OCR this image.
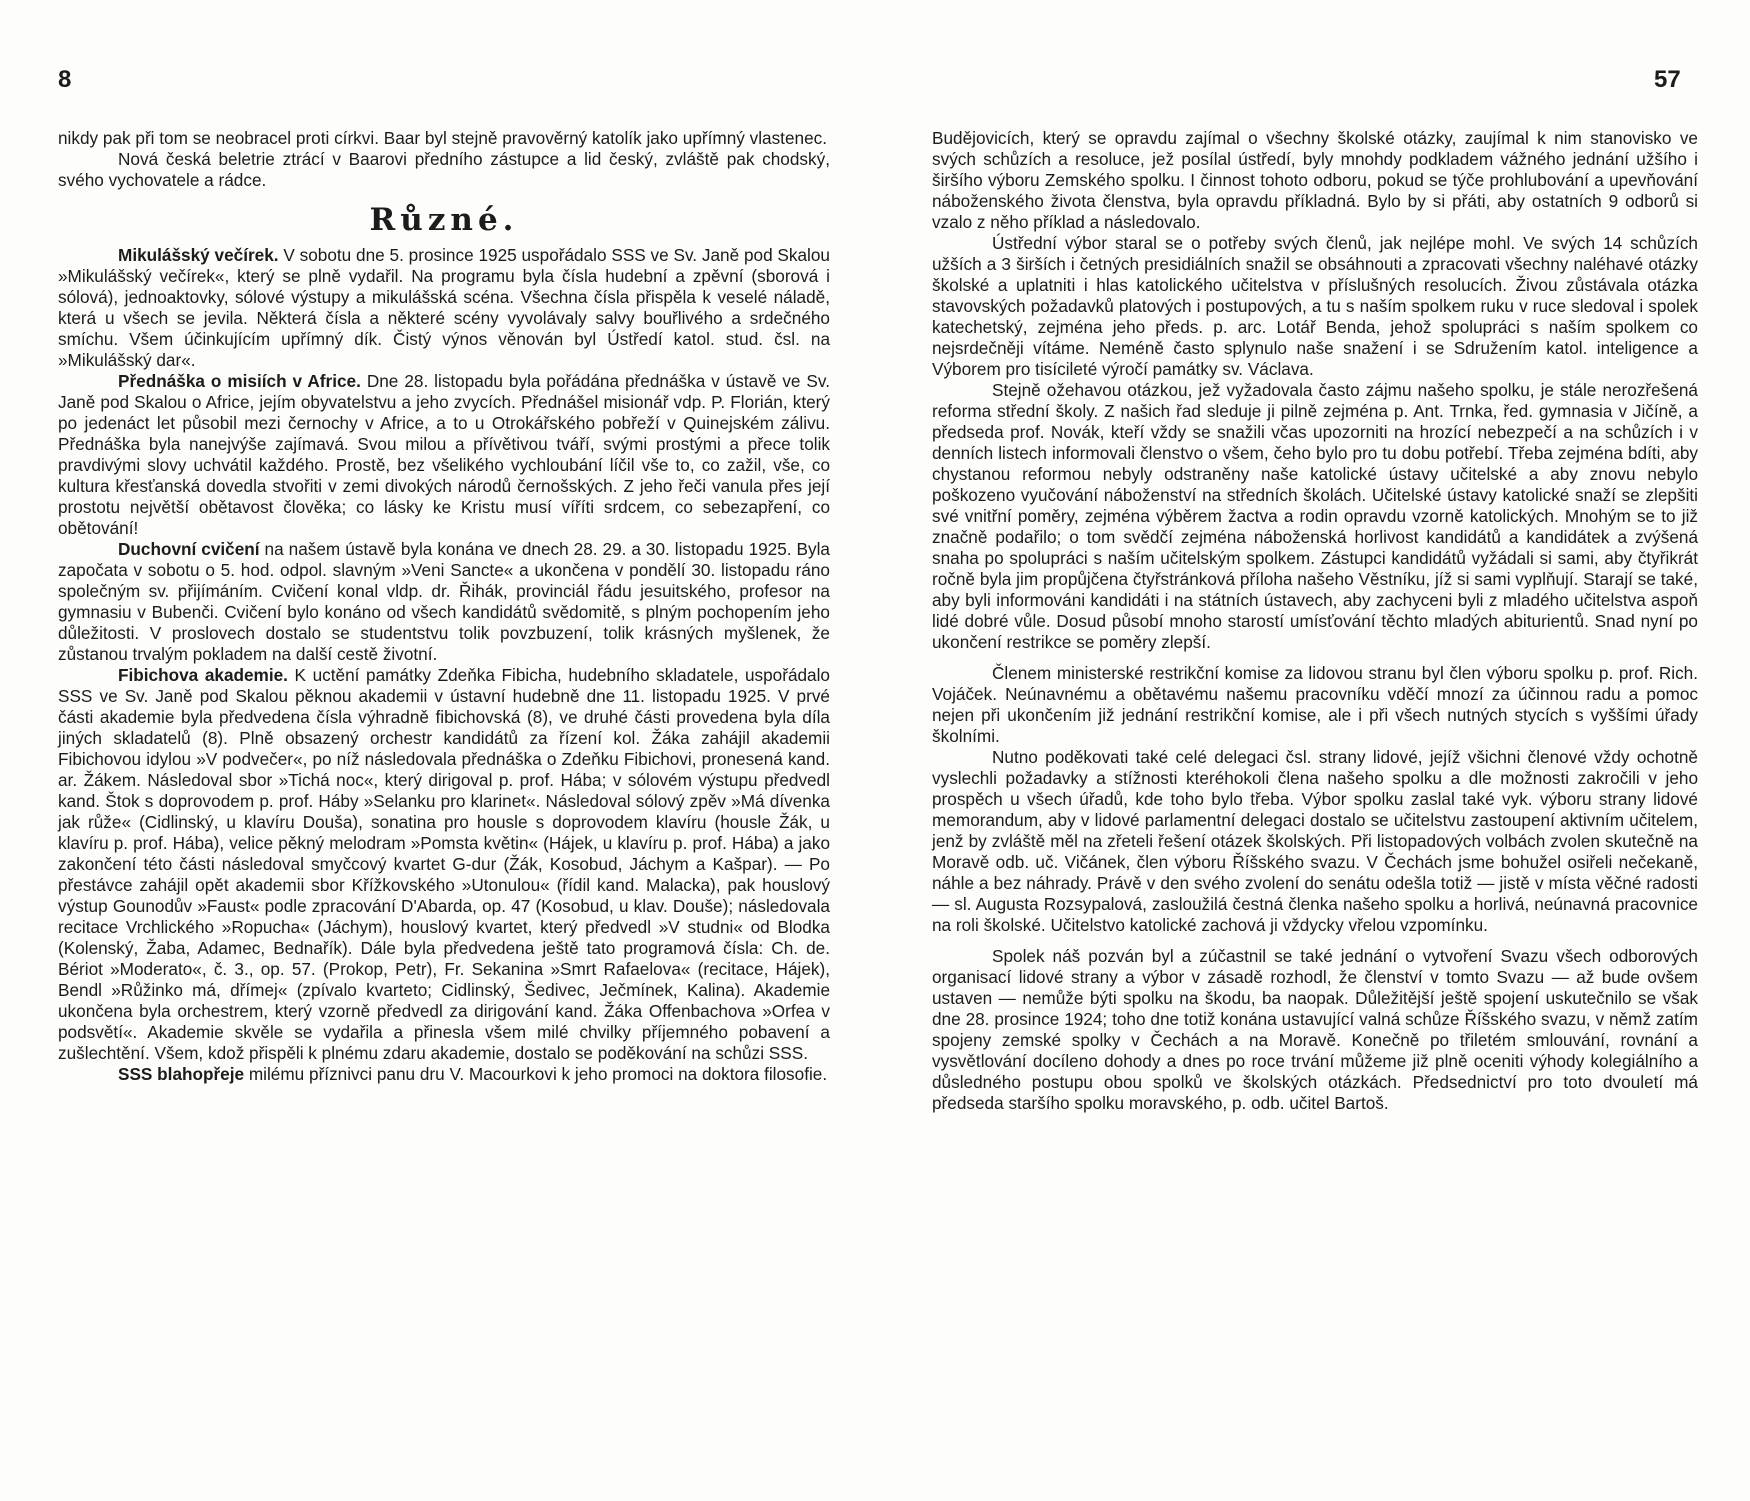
8	57

nikdy pak při tom se neobracel proti církvi. Baar byl stejně pravověrný katolík jako upřímný vlastenec.

Nová česká beletrie ztrácí v Baarovi předního zástupce a lid český, zvláště pak chodský, svého vychovatele a rádce.

Různé.

Mikulášský večírek. V sobotu dne 5. prosince 1925 uspořádalo SSS ve Sv. Janě pod Skalou »Mikulášský večírek«, který se plně vydařil. Na programu byla čísla hudební a zpěvní (sborová i sólová), jednoaktovky, sólové výstupy a mikulášská scéna. Všechna čísla přispěla k veselé náladě, která u všech se jevila. Některá čísla a některé scény vyvolávaly salvy bouřlivého a srdečného smíchu. Všem účinkujícím upřímný dík. Čistý výnos věnován byl Ústředí katol. stud. čsl. na »Mikulášský dar«.

Přednáška o misiích v Africe. Dne 28. listopadu byla pořádána přednáška v ústavě ve Sv. Janě pod Skalou o Africe, jejím obyvatelstvu a jeho zvycích. Přednášel misionář vdp. P. Florián, který po jedenáct let působil mezi černochy v Africe, a to u Otrokářského pobřeží v Quinejském zálivu. Přednáška byla nanejvýše zajímavá. Svou milou a přívětivou tváří, svými prostými a přece tolik pravdivými slovy uchvátil každého. Prostě, bez všelikého vychloubání líčil vše to, co zažil, vše, co kultura křesťanská dovedla stvořiti v zemi divokých národů černošských. Z jeho řeči vanula přes její prostotu největší obětavost člověka; co lásky ke Kristu musí víříti srdcem, co sebezapření, co obětování!

Duchovní cvičení na našem ústavě byla konána ve dnech 28. 29. a 30. listopadu 1925. Byla započata v sobotu o 5. hod. odpol. slavným »Veni Sancte« a ukončena v pondělí 30. listopadu ráno společným sv. přijímáním. Cvičení konal vldp. dr. Řihák, provinciál řádu jesuitského, profesor na gymnasiu v Bubenči. Cvičení bylo konáno od všech kandidátů svědomitě, s plným pochopením jeho důležitosti. V proslovech dostalo se studentstvu tolik povzbuzení, tolik krásných myšlenek, že zůstanou trvalým pokladem na další cestě životní.

Fibichova akademie. K uctění památky Zdeňka Fibicha, hudebního skladatele, uspořádalo SSS ve Sv. Janě pod Skalou pěknou akademii v ústavní hudebně dne 11. listopadu 1925. V prvé části akademie byla předvedena čísla výhradně fibichovská (8), ve druhé části provedena byla díla jiných skladatelů (8). Plně obsazený orchestr kandidátů za řízení kol. Žáka zahájil akademii Fibichovou idylou »V podvečer«, po níž následovala přednáška o Zdeňku Fibichovi, pronesená kand. ar. Žákem. Následoval sbor »Tichá noc«, který dirigoval p. prof. Hába; v sólovém výstupu předvedl kand. Štok s doprovodem p. prof. Háby »Selanku pro klarinet«. Následoval sólový zpěv »Má dívenka jak růže« (Cidlinský, u klavíru Douša), sonatina pro housle s doprovodem klavíru (housle Žák, u klavíru p. prof. Hába), velice pěkný melodram »Pomsta květin« (Hájek, u klavíru p. prof. Hába) a jako zakončení této části následoval smyčcový kvartet G-dur (Žák, Kosobud, Jáchym a Kašpar). — Po přestávce zahájil opět akademii sbor Křížkovského »Utonulou« (řídil kand. Malacka), pak houslový výstup Gounodův »Faust« podle zpracování D'Abarda, op. 47 (Kosobud, u klav. Douše); následovala recitace Vrchlického »Ropucha« (Jáchym), houslový kvartet, který předvedl »V studni« od Blodka (Kolenský, Žaba, Adamec, Bednařík). Dále byla předvedena ještě tato programová čísla: Ch. de. Bériot »Moderato«, č. 3., op. 57. (Prokop, Petr), Fr. Sekanina »Smrt Rafaelova« (recitace, Hájek), Bendl »Růžinko má, dřímej« (zpívalo kvarteto; Cidlinský, Šedivec, Ječmínek, Kalina). Akademie ukončena byla orchestrem, který vzorně předvedl za dirigování kand. Žáka Offenbachova »Orfea v podsvětí«. Akademie skvěle se vydařila a přinesla všem milé chvilky příjemného pobavení a zušlechtění. Všem, kdož přispěli k plnému zdaru akademie, dostalo se poděkování na schůzi SSS.

SSS blahopřeje milému příznivci panu dru V. Macourkovi k jeho promoci na doktora filosofie.

Budějovicích, který se opravdu zajímal o všechny školské otázky, zaujímal k nim stanovisko ve svých schůzích a resoluce, jež posílal ústředí, byly mnohdy podkladem vážného jednání užšího i širšího výboru Zemského spolku. I činnost tohoto odboru, pokud se týče prohlubování a upevňování náboženského života členstva, byla opravdu příkladná. Bylo by si přáti, aby ostatních 9 odborů si vzalo z něho příklad a následovalo.

Ústřední výbor staral se o potřeby svých členů, jak nejlépe mohl. Ve svých 14 schůzích užších a 3 širších i četných presidiálních snažil se obsáhnouti a zpracovati všechny naléhavé otázky školské a uplatniti i hlas katolického učitelstva v příslušných resolucích. Živou zůstávala otázka stavovských požadavků platových i postupových, a tu s naším spolkem ruku v ruce sledoval i spolek katechetský, zejména jeho předs. p. arc. Lotář Benda, jehož spolupráci s naším spolkem co nejsrdečněji vítáme. Neméně často splynulo naše snažení i se Sdružením katol. inteligence a Výborem pro tisícileté výročí památky sv. Václava.

Stejně ožehavou otázkou, jež vyžadovala často zájmu našeho spolku, je stále nerozřešená reforma střední školy. Z našich řad sleduje ji pilně zejména p. Ant. Trnka, řed. gymnasia v Jičíně, a předseda prof. Novák, kteří vždy se snažili včas upozorniti na hrozící nebezpečí a na schůzích i v denních listech informovali členstvo o všem, čeho bylo pro tu dobu potřebí. Třeba zejména bdíti, aby chystanou reformou nebyly odstraněny naše katolické ústavy učitelské a aby znovu nebylo poškozeno vyučování náboženství na středních školách. Učitelské ústavy katolické snaží se zlepšiti své vnitřní poměry, zejména výběrem žactva a rodin opravdu vzorně katolických. Mnohým se to již značně podařilo; o tom svědčí zejména náboženská horlivost kandidátů a kandidátek a zvýšená snaha po spolupráci s naším učitelským spolkem. Zástupci kandidátů vyžádali si sami, aby čtyřikrát ročně byla jim propůjčena čtyřstránková příloha našeho Věstníku, jíž si sami vyplňují. Starají se také, aby byli informováni kandidáti i na státních ústavech, aby zachyceni byli z mladého učitelstva aspoň lidé dobré vůle. Dosud působí mnoho starostí umísťování těchto mladých abiturientů. Snad nyní po ukončení restrikce se poměry zlepší.

Členem ministerské restrikční komise za lidovou stranu byl člen výboru spolku p. prof. Rich. Vojáček. Neúnavnému a obětavému našemu pracovníku vděčí mnozí za účinnou radu a pomoc nejen při ukončením již jednání restrikční komise, ale i při všech nutných stycích s vyššími úřady školními.

Nutno poděkovati také celé delegaci čsl. strany lidové, jejíž všichni členové vždy ochotně vyslechli požadavky a stížnosti kteréhokoli člena našeho spolku a dle možnosti zakročili v jeho prospěch u všech úřadů, kde toho bylo třeba. Výbor spolku zaslal také vyk. výboru strany lidové memorandum, aby v lidové parlamentní delegaci dostalo se učitelstvu zastoupení aktivním učitelem, jenž by zvláště měl na zřeteli řešení otázek školských. Při listopadových volbách zvolen skutečně na Moravě odb. uč. Vičánek, člen výboru Říšského svazu. V Čechách jsme bohužel osiřeli nečekaně, náhle a bez náhrady. Právě v den svého zvolení do senátu odešla totiž — jistě v místa věčné radosti — sl. Augusta Rozsypalová, zasloužilá čestná členka našeho spolku a horlivá, neúnavná pracovnice na roli školské. Učitelstvo katolické zachová ji vždycky vřelou vzpomínku.

Spolek náš pozván byl a zúčastnil se také jednání o vytvoření Svazu všech odborových organisací lidové strany a výbor v zásadě rozhodl, že členství v tomto Svazu — až bude ovšem ustaven — nemůže býti spolku na škodu, ba naopak. Důležitější ještě spojení uskutečnilo se však dne 28. prosince 1924; toho dne totiž konána ustavující valná schůze Říšského svazu, v němž zatím spojeny zemské spolky v Čechách a na Moravě. Konečně po třiletém smlouvání, rovnání a vysvětlování docíleno dohody a dnes po roce trvání můžeme již plně oceniti výhody kolegiálního a důsledného postupu obou spolků ve školských otázkách. Předsednictví pro toto dvouletí má předseda staršího spolku moravského, p. odb. učitel Bartoš.
